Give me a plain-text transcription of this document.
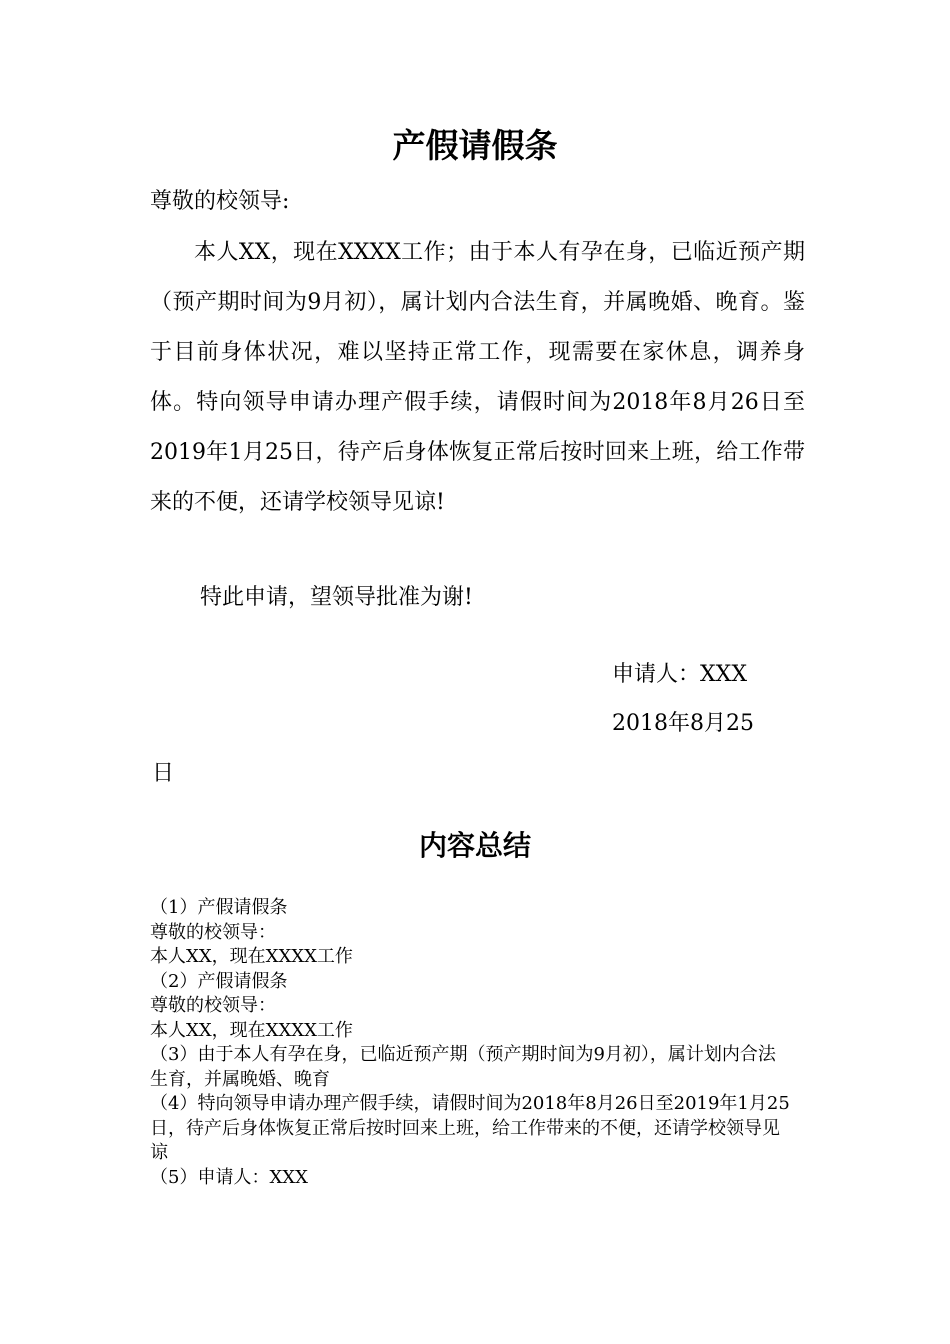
产假请假条

尊敬的校领导:

本人XX，现在XXXX工作；由于本人有孕在身，已临近预产期（预产期时间为9月初），属计划内合法生育，并属晚婚、晚育。鉴于目前身体状况，难以坚持正常工作，现需要在家休息，调养身体。特向领导申请办理产假手续，请假时间为2018年8月26日至2019年1月25日，待产后身体恢复正常后按时回来上班，给工作带来的不便，还请学校领导见谅!

特此申请，望领导批准为谢!

申请人：XXX

2018年8月25

日

内容总结
（1）产假请假条
尊敬的校领导：
本人XX，现在XXXX工作
（2）产假请假条
尊敬的校领导：
本人XX，现在XXXX工作
（3）由于本人有孕在身，已临近预产期（预产期时间为9月初），属计划内合法生育，并属晚婚、晚育
（4）特向领导申请办理产假手续，请假时间为2018年8月26日至2019年1月25日，待产后身体恢复正常后按时回来上班，给工作带来的不便，还请学校领导见谅
（5）申请人：XXX
